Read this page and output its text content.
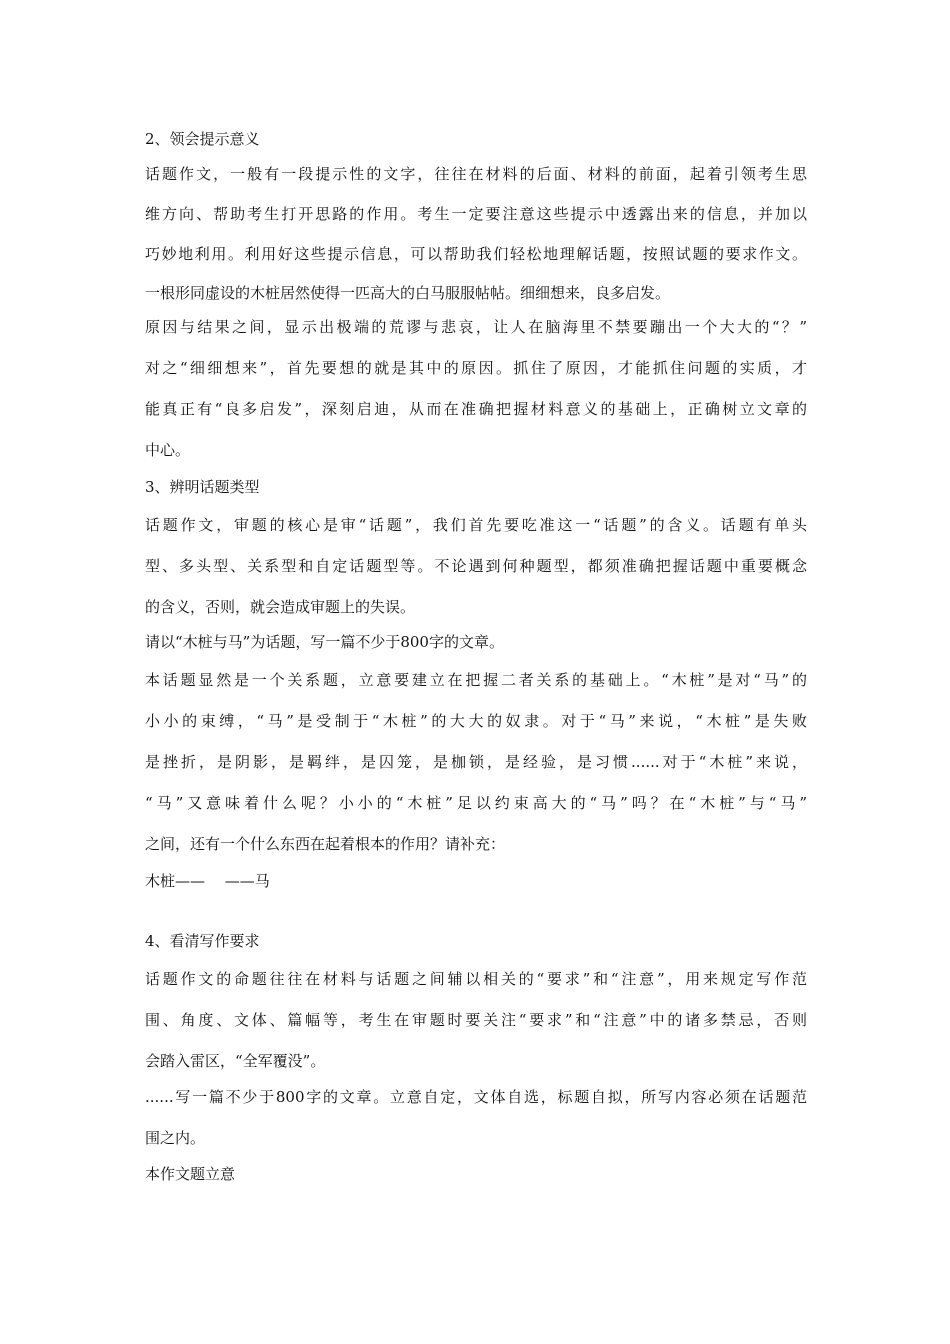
2、领会提示意义
话题作文，一般有一段提示性的文字，往往在材料的后面、材料的前面，起着引领考生思
维方向、帮助考生打开思路的作用。考生一定要注意这些提示中透露出来的信息，并加以
巧妙地利用。利用好这些提示信息，可以帮助我们轻松地理解话题，按照试题的要求作文。
一根形同虚设的木桩居然使得一匹高大的白马服服帖帖。细细想来，良多启发。
原因与结果之间，显示出极端的荒谬与悲哀，让人在脑海里不禁要蹦出一个大大的“？”
对之“细细想来”，首先要想的就是其中的原因。抓住了原因，才能抓住问题的实质，才
能真正有“良多启发”，深刻启迪，从而在准确把握材料意义的基础上，正确树立文章的
中心。
3、辨明话题类型
话题作文，审题的核心是审“话题”，我们首先要吃准这一“话题”的含义。话题有单头
型、多头型、关系型和自定话题型等。不论遇到何种题型，都须准确把握话题中重要概念
的含义，否则，就会造成审题上的失误。
请以“木桩与马”为话题，写一篇不少于800字的文章。
本话题显然是一个关系题，立意要建立在把握二者关系的基础上。“木桩”是对“马”的
小小的束缚，“马”是受制于“木桩”的大大的奴隶。对于“马”来说，“木桩”是失败
是挫折，是阴影，是羁绊，是囚笼，是枷锁，是经验，是习惯......对于“木桩”来说，
“马”又意味着什么呢？小小的“木桩”足以约束高大的“马”吗？在“木桩”与“马”
之间，还有一个什么东西在起着根本的作用？请补充：
木桩——　 ——马
4、看清写作要求
话题作文的命题往往在材料与话题之间辅以相关的“要求”和“注意”，用来规定写作范
围、角度、文体、篇幅等，考生在审题时要关注“要求”和“注意”中的诸多禁忌，否则
会踏入雷区，“全军覆没”。
......写一篇不少于800字的文章。立意自定，文体自选，标题自拟，所写内容必须在话题范
围之内。
本作文题立意
